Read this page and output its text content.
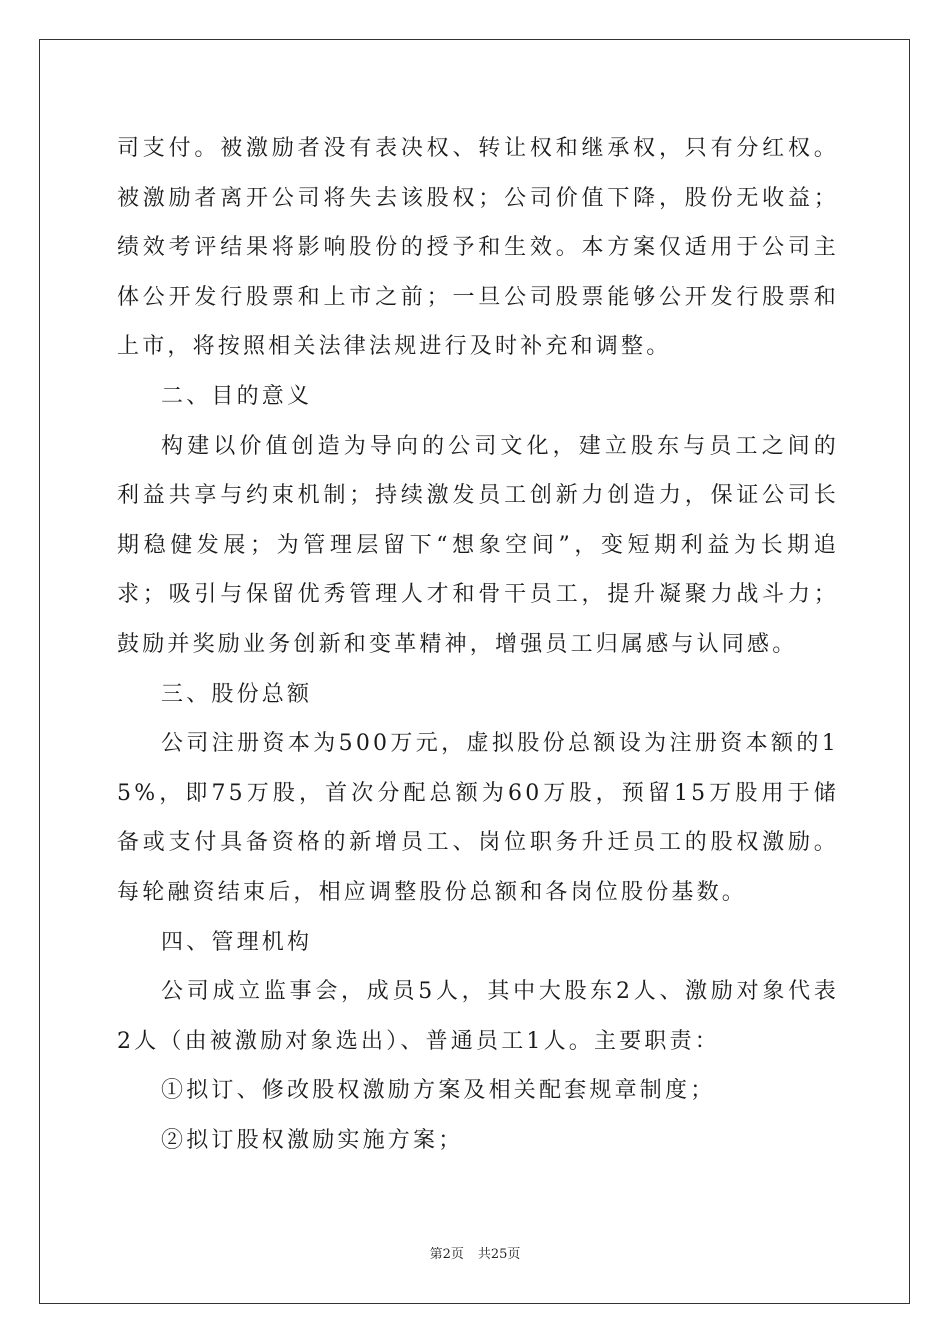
司支付。被激励者没有表决权、转让权和继承权，只有分红权。被激励者离开公司将失去该股权；公司价值下降，股份无收益；绩效考评结果将影响股份的授予和生效。本方案仅适用于公司主体公开发行股票和上市之前；一旦公司股票能够公开发行股票和上市，将按照相关法律法规进行及时补充和调整。

二、目的意义

构建以价值创造为导向的公司文化，建立股东与员工之间的利益共享与约束机制；持续激发员工创新力创造力，保证公司长期稳健发展；为管理层留下“想象空间”，变短期利益为长期追求；吸引与保留优秀管理人才和骨干员工，提升凝聚力战斗力；鼓励并奖励业务创新和变革精神，增强员工归属感与认同感。

三、股份总额

公司注册资本为500万元，虚拟股份总额设为注册资本额的15%，即75万股，首次分配总额为60万股，预留15万股用于储备或支付具备资格的新增员工、岗位职务升迁员工的股权激励。每轮融资结束后，相应调整股份总额和各岗位股份基数。

四、管理机构

公司成立监事会，成员5人，其中大股东2人、激励对象代表2人（由被激励对象选出）、普通员工1人。主要职责：

①拟订、修改股权激励方案及相关配套规章制度；

②拟订股权激励实施方案；

第2页 共25页
